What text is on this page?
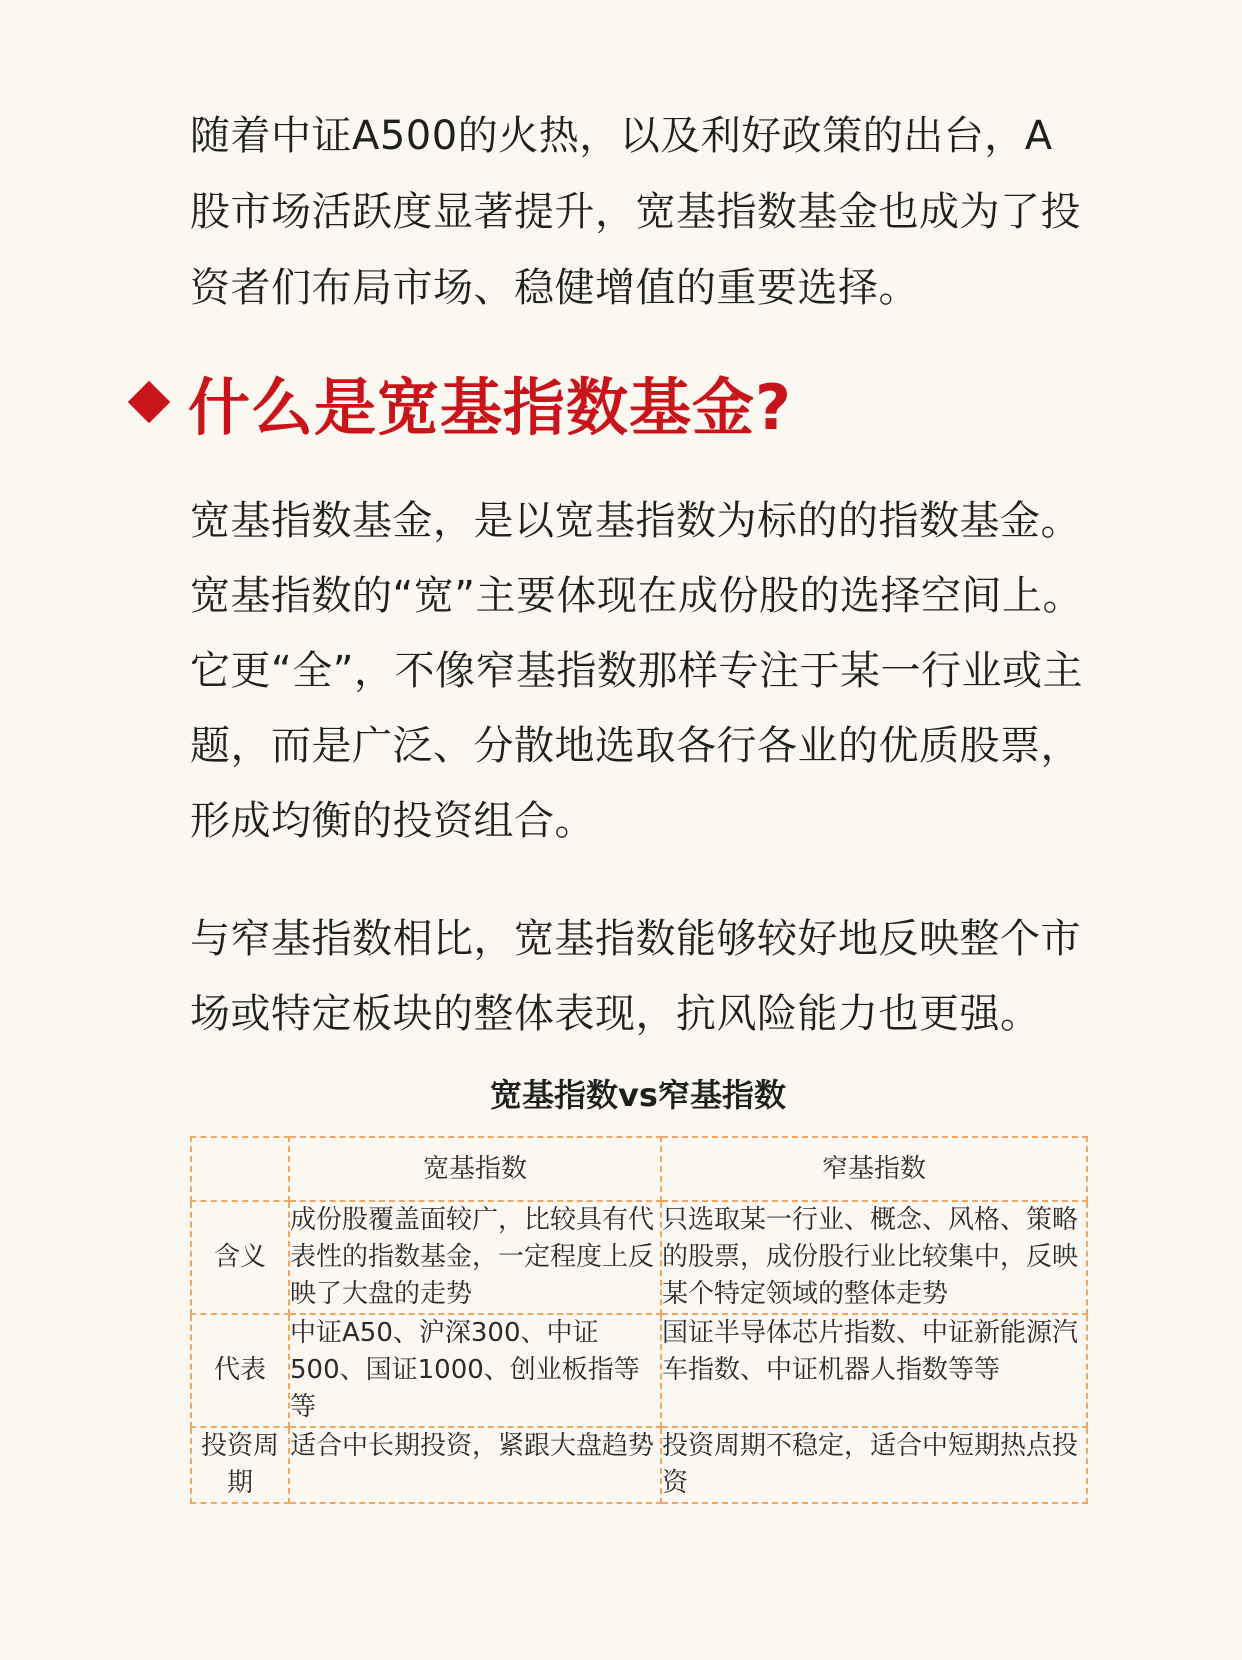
随着中证A500的火热，以及利好政策的出台，A股市场活跃度显著提升，宽基指数基金也成为了投资者们布局市场、稳健增值的重要选择。

什么是宽基指数基金?

宽基指数基金，是以宽基指数为标的的指数基金。宽基指数的“宽”主要体现在成份股的选择空间上。它更“全”，不像窄基指数那样专注于某一行业或主题，而是广泛、分散地选取各行各业的优质股票，形成均衡的投资组合。

与窄基指数相比，宽基指数能够较好地反映整个市场或特定板块的整体表现，抗风险能力也更强。

宽基指数vs窄基指数
	宽基指数	窄基指数
含义	成份股覆盖面较广，比较具有代表性的指数基金，一定程度上反映了大盘的走势	只选取某一行业、概念、风格、策略的股票，成份股行业比较集中，反映某个特定领域的整体走势
代表	中证A50、沪深300、中证500、国证1000、创业板指等等	国证半导体芯片指数、中证新能源汽车指数、中证机器人指数等等
投资周期	适合中长期投资，紧跟大盘趋势	投资周期不稳定，适合中短期热点投资
